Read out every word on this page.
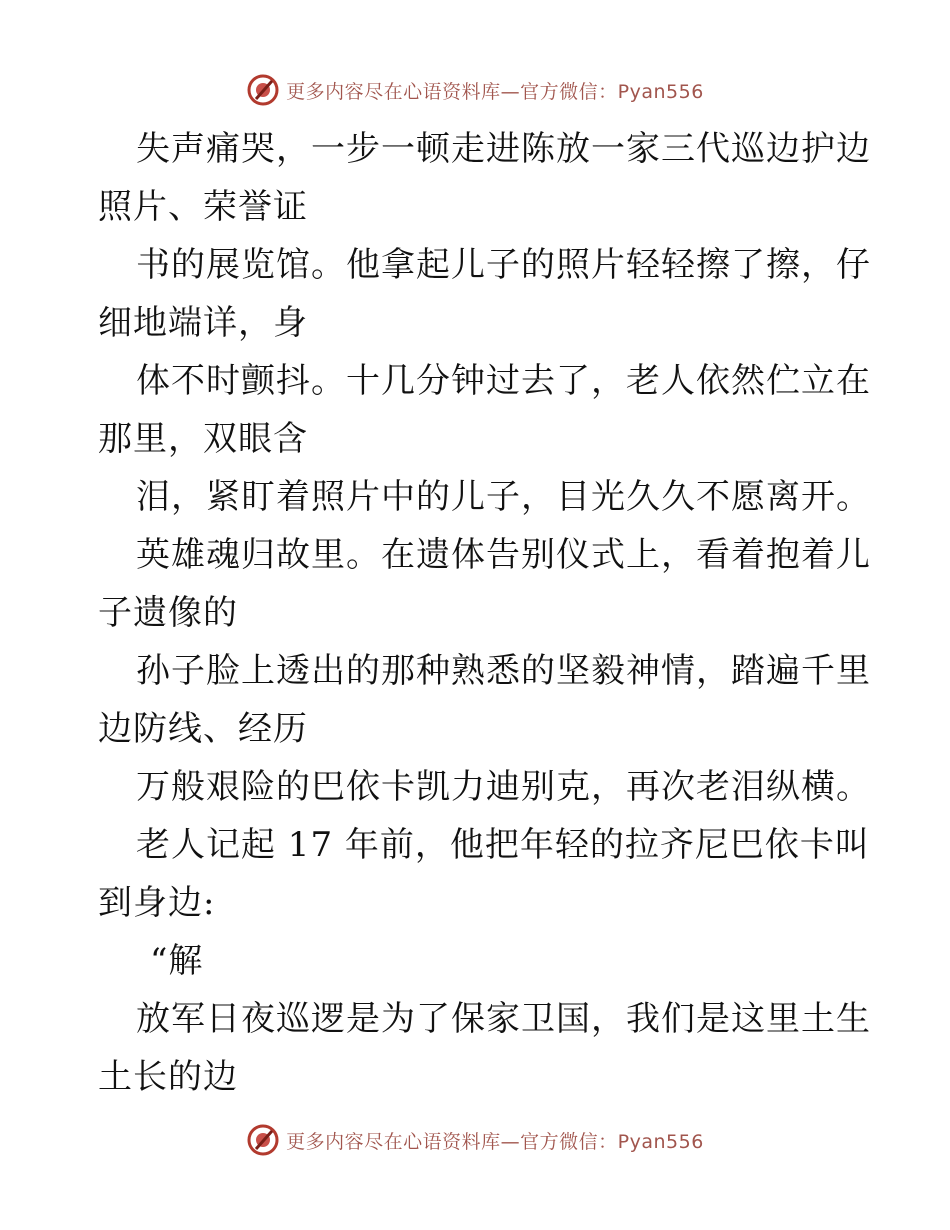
更多内容尽在心语资料库—官方微信：Pyan556
失声痛哭，一步一顿走进陈放一家三代巡边护边
照片、荣誉证
书的展览馆。他拿起儿子的照片轻轻擦了擦，仔
细地端详，身
体不时颤抖。十几分钟过去了，老人依然伫立在
那里，双眼含
泪，紧盯着照片中的儿子，目光久久不愿离开。
英雄魂归故里。在遗体告别仪式上，看着抱着儿
子遗像的
孙子脸上透出的那种熟悉的坚毅神情，踏遍千里
边防线、经历
万般艰险的巴依卡凯力迪别克，再次老泪纵横。
老人记起 17 年前，他把年轻的拉齐尼巴依卡叫
到身边:
“解
放军日夜巡逻是为了保家卫国，我们是这里土生
土长的边
更多内容尽在心语资料库—官方微信：Pyan556
